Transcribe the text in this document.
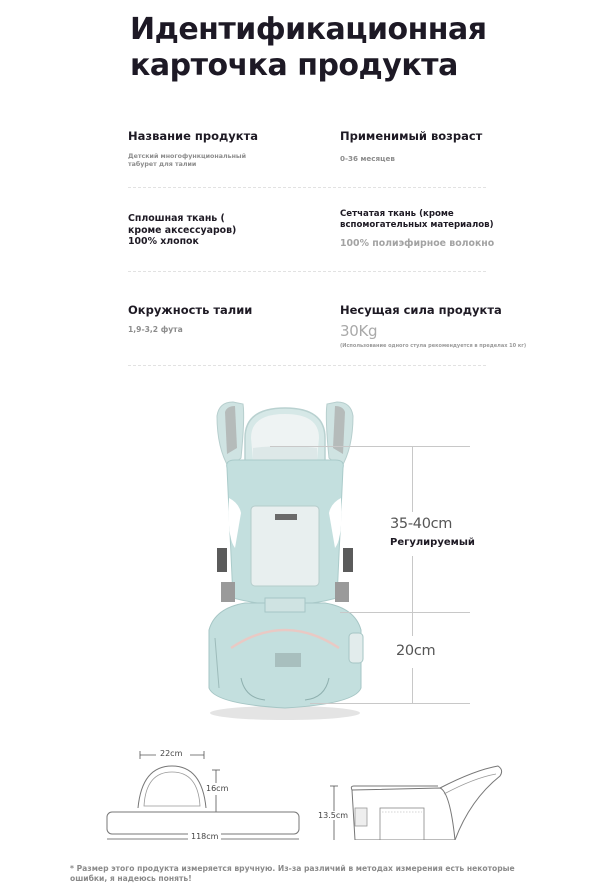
Идентификационная
карточка продукта
Название продукта
Детский многофункциональный
табурет для талии
Применимый возраст
0-36 месяцев
Сплошная ткань (
кроме аксессуаров)
100% хлопок
Сетчатая ткань (кроме
вспомогательных материалов)
100% полиэфирное волокно
Окружность талии
1,9-3,2 фута
Несущая сила продукта
30Kg
(Использование одного стула рекомендуется в пределах 10 кг)
35-40cm
Регулируемый
20cm
22cm
16cm
118cm
13.5cm
* Размер этого продукта измеряется вручную. Из-за различий в методах измерения есть некоторые
ошибки, я надеюсь понять!
